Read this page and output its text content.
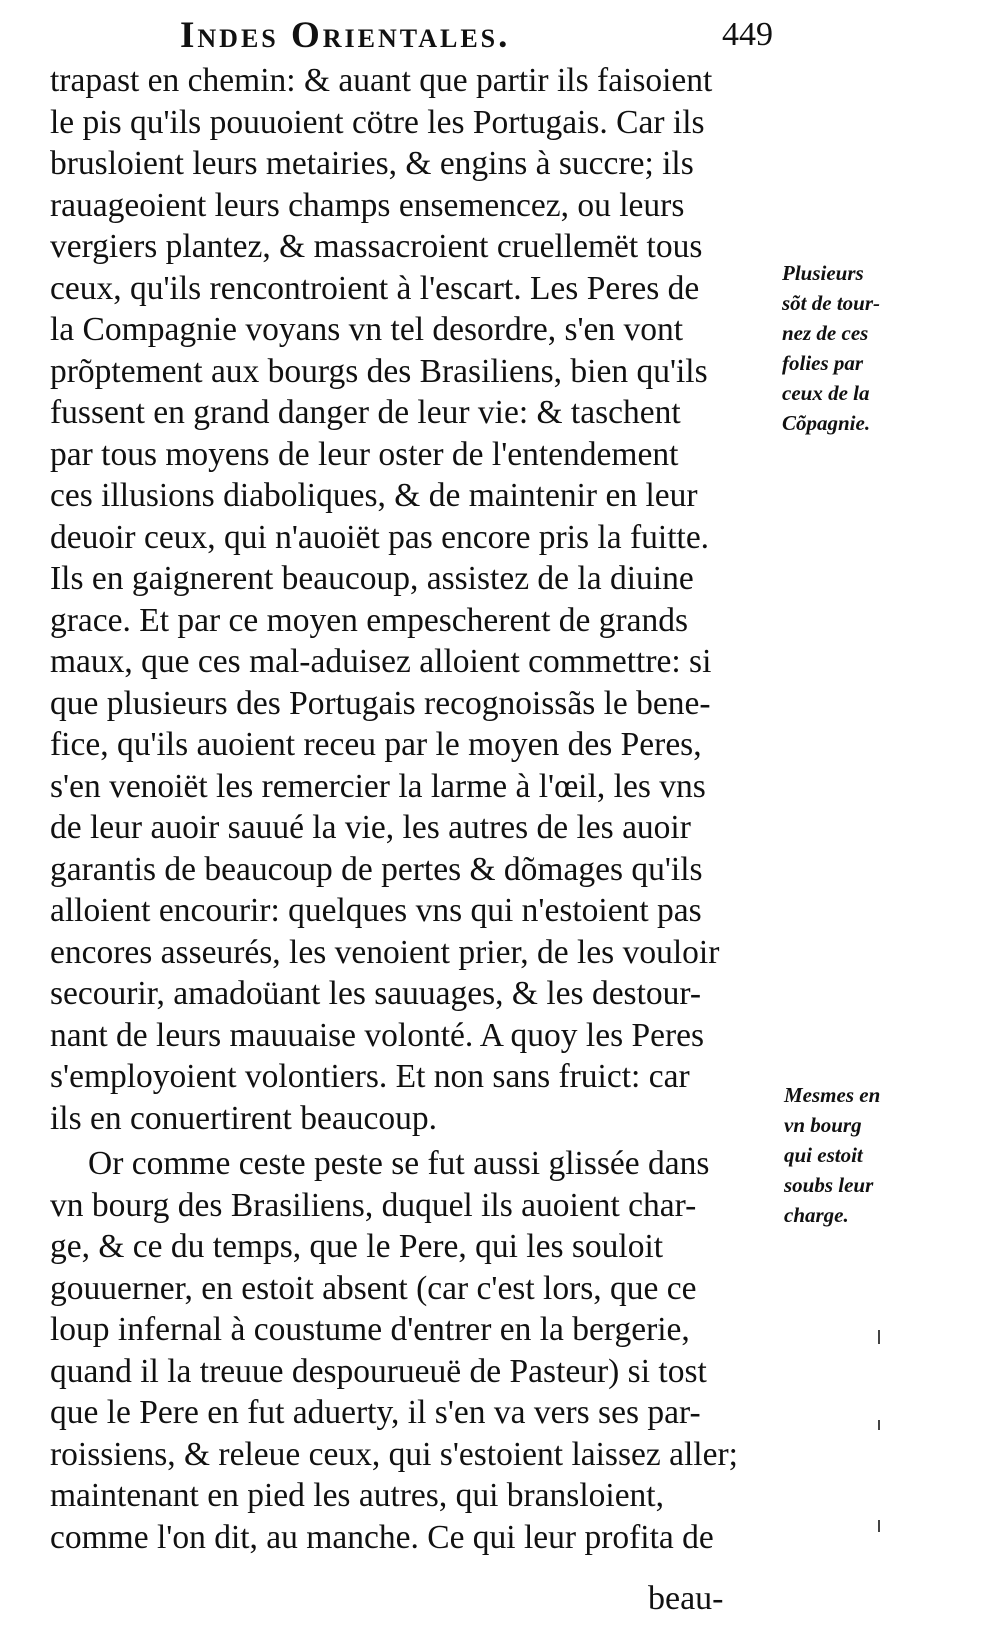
Indes Orientales.	449
trapast en chemin: & auant que partir ils faisoient
le pis qu'ils pouuoient cötre les Portugais. Car ils
brusloient leurs metairies, & engins à succre; ils
rauageoient leurs champs ensemencez, ou leurs
vergiers plantez, & massacroient cruellemët tous
ceux, qu'ils rencontroient à l'escart. Les Peres de
la Compagnie voyans vn tel desordre, s'en vont
prõptement aux bourgs des Brasiliens, bien qu'ils
fussent en grand danger de leur vie: & taschent
par tous moyens de leur oster de l'entendement
ces illusions diaboliques, & de maintenir en leur
deuoir ceux, qui n'auoiët pas encore pris la fuitte.
Ils en gaignerent beaucoup, assistez de la diuine
grace. Et par ce moyen empescherent de grands
maux, que ces mal-aduisez alloient commettre: si
que plusieurs des Portugais recognoissãs le bene-
fice, qu'ils auoient receu par le moyen des Peres,
s'en venoiët les remercier la larme à l'œil, les vns
de leur auoir sauué la vie, les autres de les auoir
garantis de beaucoup de pertes & dõmages qu'ils
alloient encourir: quelques vns qui n'estoient pas
encores asseurés, les venoient prier, de les vouloir
secourir, amadoüant les sauuages, & les destour-
nant de leurs mauuaise volonté. A quoy les Peres
s'employoient volontiers. Et non sans fruict: car
ils en conuertirent beaucoup.
Or comme ceste peste se fut aussi glissée dans
vn bourg des Brasiliens, duquel ils auoient char-
ge, & ce du temps, que le Pere, qui les souloit
gouuerner, en estoit absent (car c'est lors, que ce
loup infernal à coustume d'entrer en la bergerie,
quand il la treuue despourueuë de Pasteur) si tost
que le Pere en fut aduerty, il s'en va vers ses par-
roissiens, & releue ceux, qui s'estoient laissez aller;
maintenant en pied les autres, qui bransloient,
comme l'on dit, au manche. Ce qui leur profita de
beau-
Plusieurs
sõt de tour-
nez de ces
folies par
ceux de la
Cõpagnie.
Mesmes en
vn bourg
qui estoit
soubs leur
charge.
